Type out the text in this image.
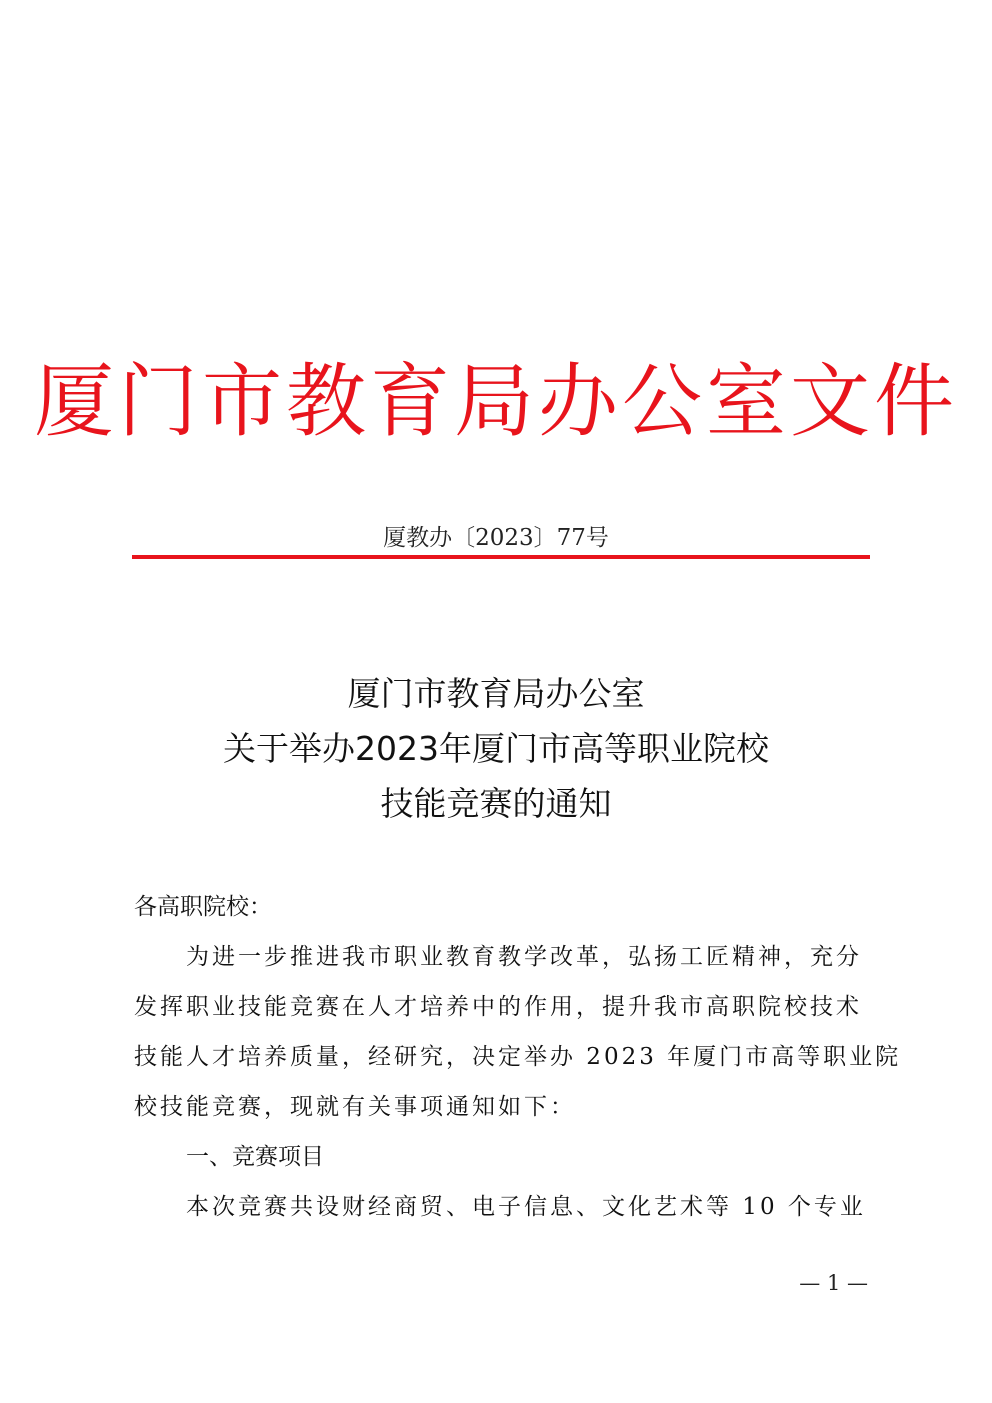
厦门市教育局办公室文件
厦教办〔2023〕77号
厦门市教育局办公室
关于举办2023年厦门市高等职业院校
技能竞赛的通知

各高职院校：

为进一步推进我市职业教育教学改革，弘扬工匠精神，充分
发挥职业技能竞赛在人才培养中的作用，提升我市高职院校技术
技能人才培养质量，经研究，决定举办 2023 年厦门市高等职业院
校技能竞赛，现就有关事项通知如下：

一、竞赛项目

本次竞赛共设财经商贸、电子信息、文化艺术等 10 个专业

— 1 —
